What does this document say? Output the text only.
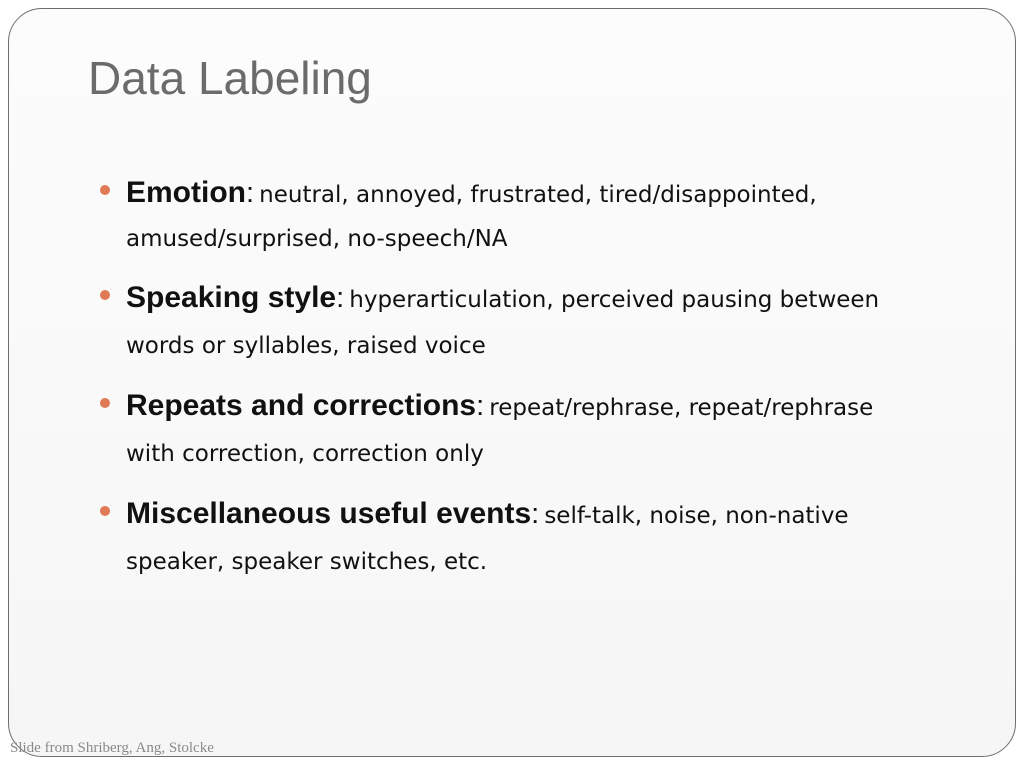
Data Labeling
Emotion: neutral, annoyed, frustrated, tired/disappointed, amused/surprised, no-speech/NA
Speaking style: hyperarticulation, perceived pausing between words or syllables, raised voice
Repeats and corrections: repeat/rephrase, repeat/rephrase with correction, correction only
Miscellaneous useful events: self-talk, noise, non-native speaker, speaker switches, etc.
Slide from Shriberg, Ang, Stolcke
